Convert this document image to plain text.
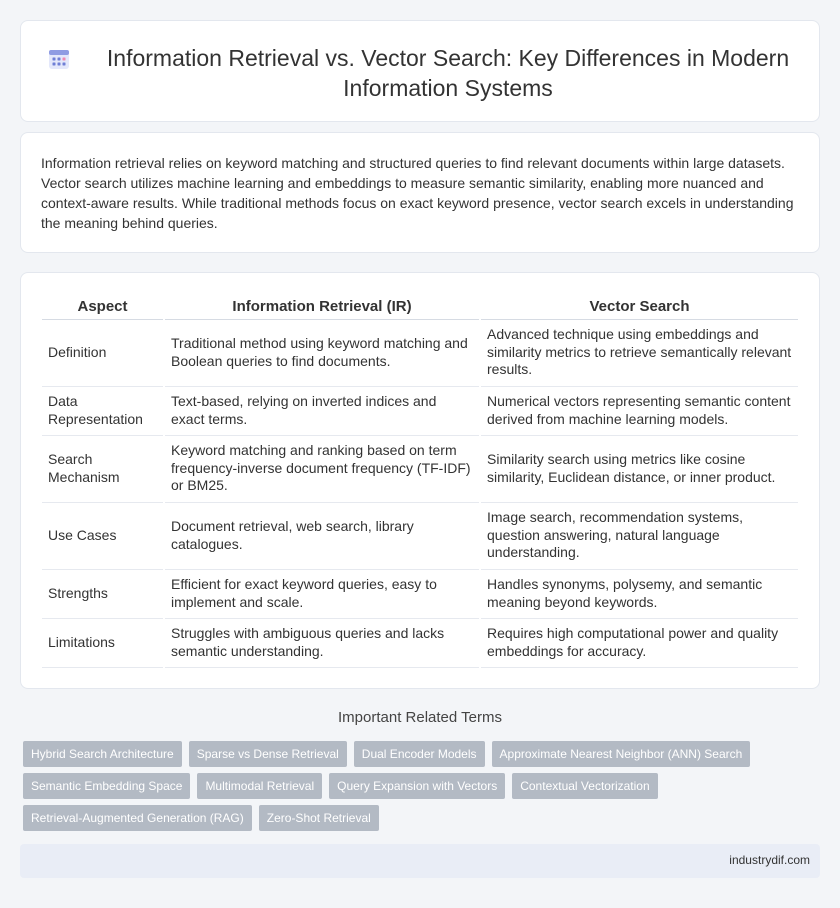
Information Retrieval vs. Vector Search: Key Differences in Modern Information Systems

Information retrieval relies on keyword matching and structured queries to find relevant documents within large datasets. Vector search utilizes machine learning and embeddings to measure semantic similarity, enabling more nuanced and context-aware results. While traditional methods focus on exact keyword presence, vector search excels in understanding the meaning behind queries.

Aspect	Information Retrieval (IR)	Vector Search
Definition	Traditional method using keyword matching and Boolean queries to find documents.	Advanced technique using embeddings and similarity metrics to retrieve semantically relevant results.
Data Representation	Text-based, relying on inverted indices and exact terms.	Numerical vectors representing semantic content derived from machine learning models.
Search Mechanism	Keyword matching and ranking based on term frequency-inverse document frequency (TF-IDF) or BM25.	Similarity search using metrics like cosine similarity, Euclidean distance, or inner product.
Use Cases	Document retrieval, web search, library catalogues.	Image search, recommendation systems, question answering, natural language understanding.
Strengths	Efficient for exact keyword queries, easy to implement and scale.	Handles synonyms, polysemy, and semantic meaning beyond keywords.
Limitations	Struggles with ambiguous queries and lacks semantic understanding.	Requires high computational power and quality embeddings for accuracy.
Important Related Terms
Hybrid Search Architecture	Sparse vs Dense Retrieval	Dual Encoder Models	Approximate Nearest Neighbor (ANN) Search
Semantic Embedding Space	Multimodal Retrieval	Query Expansion with Vectors	Contextual Vectorization
Retrieval-Augmented Generation (RAG)	Zero-Shot Retrieval
industrydif.com
